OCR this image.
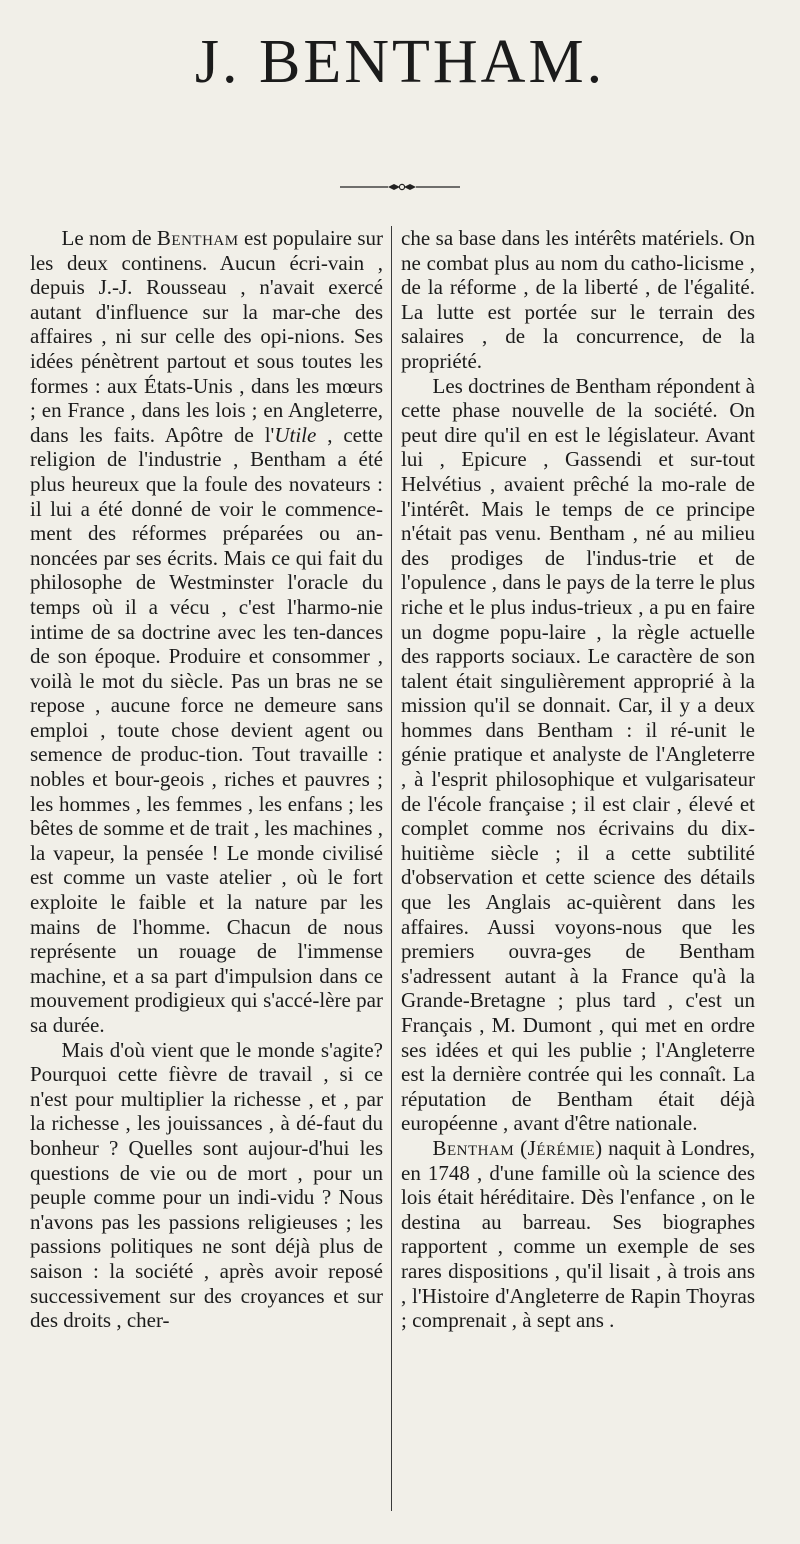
J. BENTHAM.

Le nom de Bentham est populaire sur les deux continens. Aucun écri-vain , depuis J.-J. Rousseau , n'avait exercé autant d'influence sur la mar-che des affaires , ni sur celle des opi-nions. Ses idées pénètrent partout et sous toutes les formes : aux États-Unis , dans les mœurs ; en France , dans les lois ; en Angleterre, dans les faits. Apôtre de l'Utile , cette religion de l'industrie , Bentham a été plus heureux que la foule des novateurs : il lui a été donné de voir le commence-ment des réformes préparées ou an-noncées par ses écrits. Mais ce qui fait du philosophe de Westminster l'oracle du temps où il a vécu , c'est l'harmo-nie intime de sa doctrine avec les ten-dances de son époque. Produire et consommer , voilà le mot du siècle. Pas un bras ne se repose , aucune force ne demeure sans emploi , toute chose devient agent ou semence de produc-tion. Tout travaille : nobles et bour-geois , riches et pauvres ; les hommes , les femmes , les enfans ; les bêtes de somme et de trait , les machines , la vapeur, la pensée ! Le monde civilisé est comme un vaste atelier , où le fort exploite le faible et la nature par les mains de l'homme. Chacun de nous représente un rouage de l'immense machine, et a sa part d'impulsion dans ce mouvement prodigieux qui s'accé-lère par sa durée.

Mais d'où vient que le monde s'agite? Pourquoi cette fièvre de travail , si ce n'est pour multiplier la richesse , et , par la richesse , les jouissances , à dé-faut du bonheur ? Quelles sont aujour-d'hui les questions de vie ou de mort , pour un peuple comme pour un indi-vidu ? Nous n'avons pas les passions religieuses ; les passions politiques ne sont déjà plus de saison : la société , après avoir reposé successivement sur des croyances et sur des droits , cher-

che sa base dans les intérêts matériels. On ne combat plus au nom du catho-licisme , de la réforme , de la liberté , de l'égalité. La lutte est portée sur le terrain des salaires , de la concurrence, de la propriété.

Les doctrines de Bentham répondent à cette phase nouvelle de la société. On peut dire qu'il en est le législateur. Avant lui , Epicure , Gassendi et sur-tout Helvétius , avaient prêché la mo-rale de l'intérêt. Mais le temps de ce principe n'était pas venu. Bentham , né au milieu des prodiges de l'indus-trie et de l'opulence , dans le pays de la terre le plus riche et le plus indus-trieux , a pu en faire un dogme popu-laire , la règle actuelle des rapports sociaux. Le caractère de son talent était singulièrement approprié à la mission qu'il se donnait. Car, il y a deux hommes dans Bentham : il ré-unit le génie pratique et analyste de l'Angleterre , à l'esprit philosophique et vulgarisateur de l'école française ; il est clair , élevé et complet comme nos écrivains du dix-huitième siècle ; il a cette subtilité d'observation et cette science des détails que les Anglais ac-quièrent dans les affaires. Aussi voyons-nous que les premiers ouvra-ges de Bentham s'adressent autant à la France qu'à la Grande-Bretagne ; plus tard , c'est un Français , M. Dumont , qui met en ordre ses idées et qui les publie ; l'Angleterre est la dernière contrée qui les connaît. La réputation de Bentham était déjà européenne , avant d'être nationale.

Bentham (Jérémie) naquit à Londres, en 1748 , d'une famille où la science des lois était héréditaire. Dès l'enfance , on le destina au barreau. Ses biographes rapportent , comme un exemple de ses rares dispositions , qu'il lisait , à trois ans , l'Histoire d'Angleterre de Rapin Thoyras ; comprenait , à sept ans .
